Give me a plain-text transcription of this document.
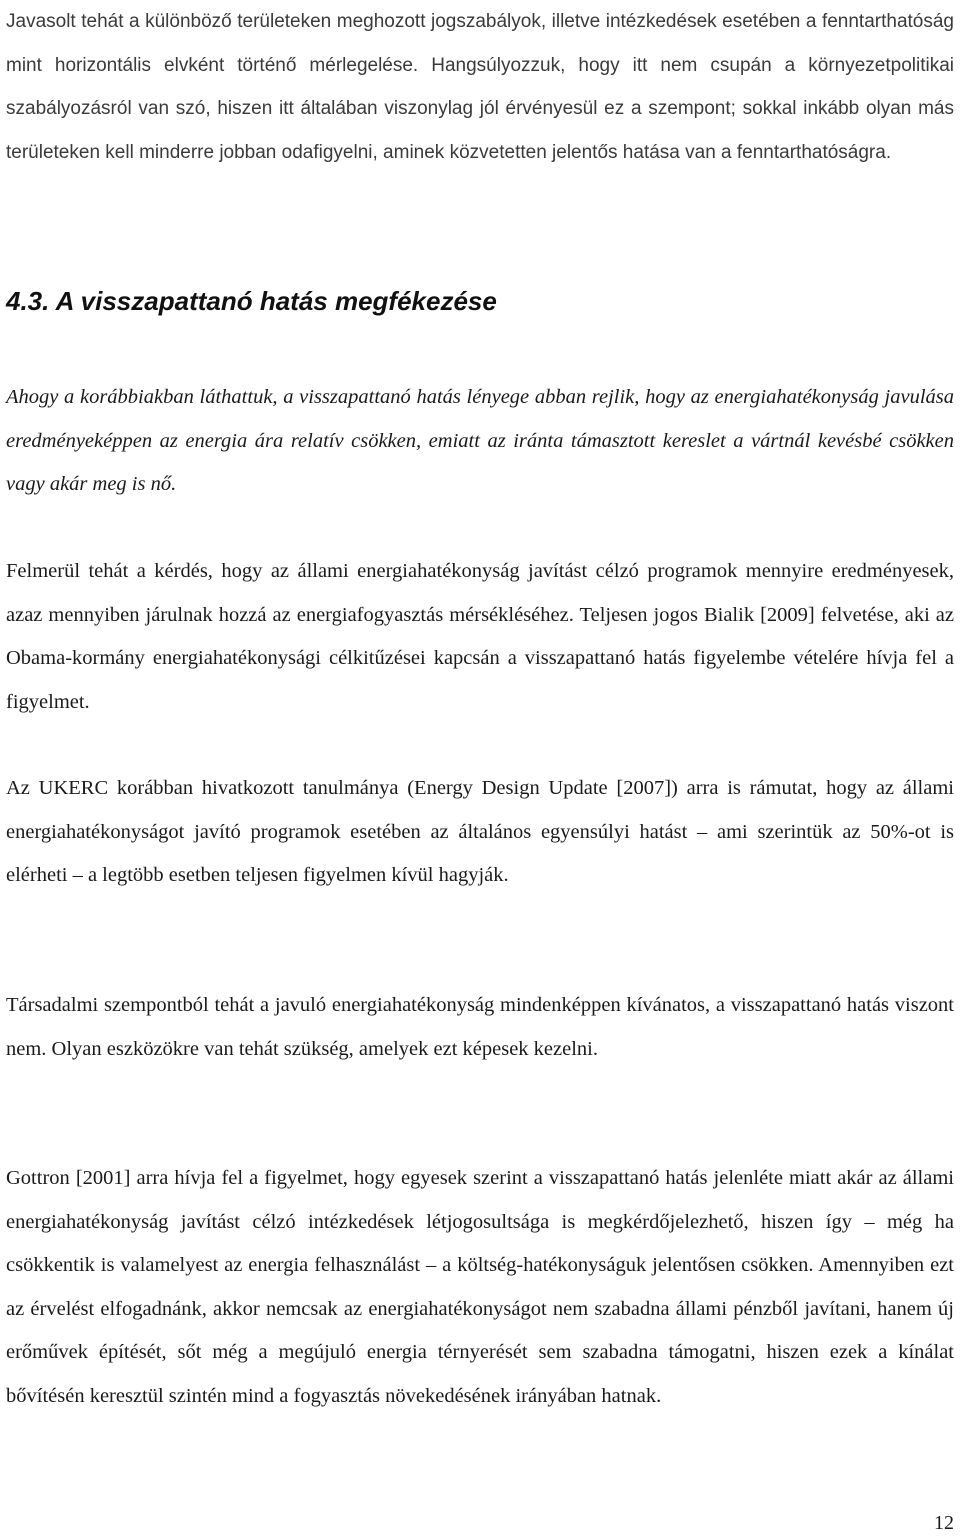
Javasolt tehát a különböző területeken meghozott jogszabályok, illetve intézkedések esetében a fenntarthatóság mint horizontális elvként történő mérlegelése. Hangsúlyozzuk, hogy itt nem csupán a környezetpolitikai szabályozásról van szó, hiszen itt általában viszonylag jól érvényesül ez a szempont; sokkal inkább olyan más területeken kell minderre jobban odafigyelni, aminek közvetetten jelentős hatása van a fenntarthatóságra.

4.3. A visszapattanó hatás megfékezése

Ahogy a korábbiakban láthattuk, a visszapattanó hatás lényege abban rejlik, hogy az energiahatékonyság javulása eredményeképpen az energia ára relatív csökken, emiatt az iránta támasztott kereslet a vártnál kevésbé csökken vagy akár meg is nő.

Felmerül tehát a kérdés, hogy az állami energiahatékonyság javítást célzó programok mennyire eredményesek, azaz mennyiben járulnak hozzá az energiafogyasztás mérsékléséhez. Teljesen jogos Bialik [2009] felvetése, aki az Obama-kormány energiahatékonysági célkitűzései kapcsán a visszapattanó hatás figyelembe vételére hívja fel a figyelmet.

Az UKERC korábban hivatkozott tanulmánya (Energy Design Update [2007]) arra is rámutat, hogy az állami energiahatékonyságot javító programok esetében az általános egyensúlyi hatást – ami szerintük az 50%-ot is elérheti – a legtöbb esetben teljesen figyelmen kívül hagyják.

Társadalmi szempontból tehát a javuló energiahatékonyság mindenképpen kívánatos, a visszapattanó hatás viszont nem. Olyan eszközökre van tehát szükség, amelyek ezt képesek kezelni.

Gottron [2001] arra hívja fel a figyelmet, hogy egyesek szerint a visszapattanó hatás jelenléte miatt akár az állami energiahatékonyság javítást célzó intézkedések létjogosultsága is megkérdőjelezhető, hiszen így – még ha csökkentik is valamelyest az energia felhasználást – a költség-hatékonyságuk jelentősen csökken. Amennyiben ezt az érvelést elfogadnánk, akkor nemcsak az energiahatékonyságot nem szabadna állami pénzből javítani, hanem új erőművek építését, sőt még a megújuló energia térnyerését sem szabadna támogatni, hiszen ezek a kínálat bővítésén keresztül szintén mind a fogyasztás növekedésének irányában hatnak.

12
